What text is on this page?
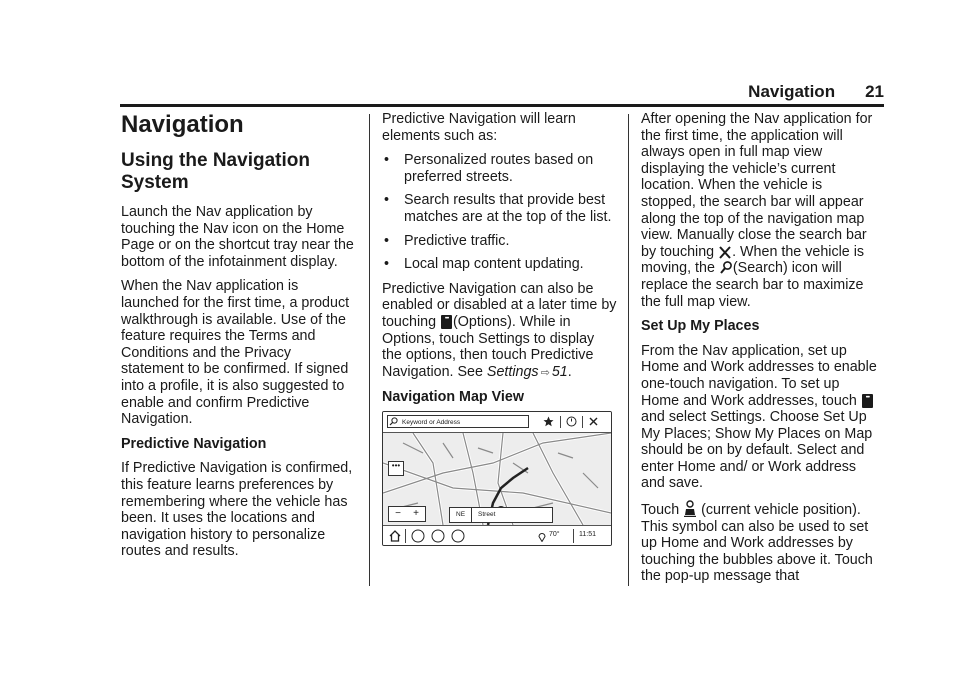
Navigation 21
Navigation
Using the Navigation
System

Launch the Nav application by touching the Nav icon on the Home Page or on the shortcut tray near the bottom of the infotainment display.

When the Nav application is launched for the first time, a product walkthrough is available. Use of the feature requires the Terms and Conditions and the Privacy statement to be confirmed. If signed into a profile, it is also suggested to enable and confirm Predictive Navigation.

Predictive Navigation

If Predictive Navigation is confirmed, this feature learns preferences by remembering where the vehicle has been. It uses the locations and navigation history to personalize routes and results.

Predictive Navigation will learn elements such as:

• Personalized routes based on preferred streets.
• Search results that provide best matches are at the top of the list.
• Predictive traffic.
• Local map content updating.

Predictive Navigation can also be enabled or disabled at a later time by touching ••• (Options). While in Options, touch Settings to display the options, then touch Predictive Navigation. See Settings ⇨ 51.

Navigation Map View

Keyword or Address
•••
− +	NE	Street
70°	11:51

After opening the Nav application for the first time, the application will always open in full map view displaying the vehicle’s current location. When the vehicle is stopped, the search bar will appear along the top of the navigation map view. Manually close the search bar by touching . When the vehicle is moving, the (Search) icon will replace the search bar to maximize the full map view.

Set Up My Places

From the Nav application, set up Home and Work addresses to enable one-touch navigation. To set up Home and Work addresses, touch ••• and select Settings. Choose Set Up My Places; Show My Places on Map should be on by default. Select and enter Home and/ or Work address and save.

Touch (current vehicle position). This symbol can also be used to set up Home and Work addresses by touching the bubbles above it. Touch the pop-up message that
